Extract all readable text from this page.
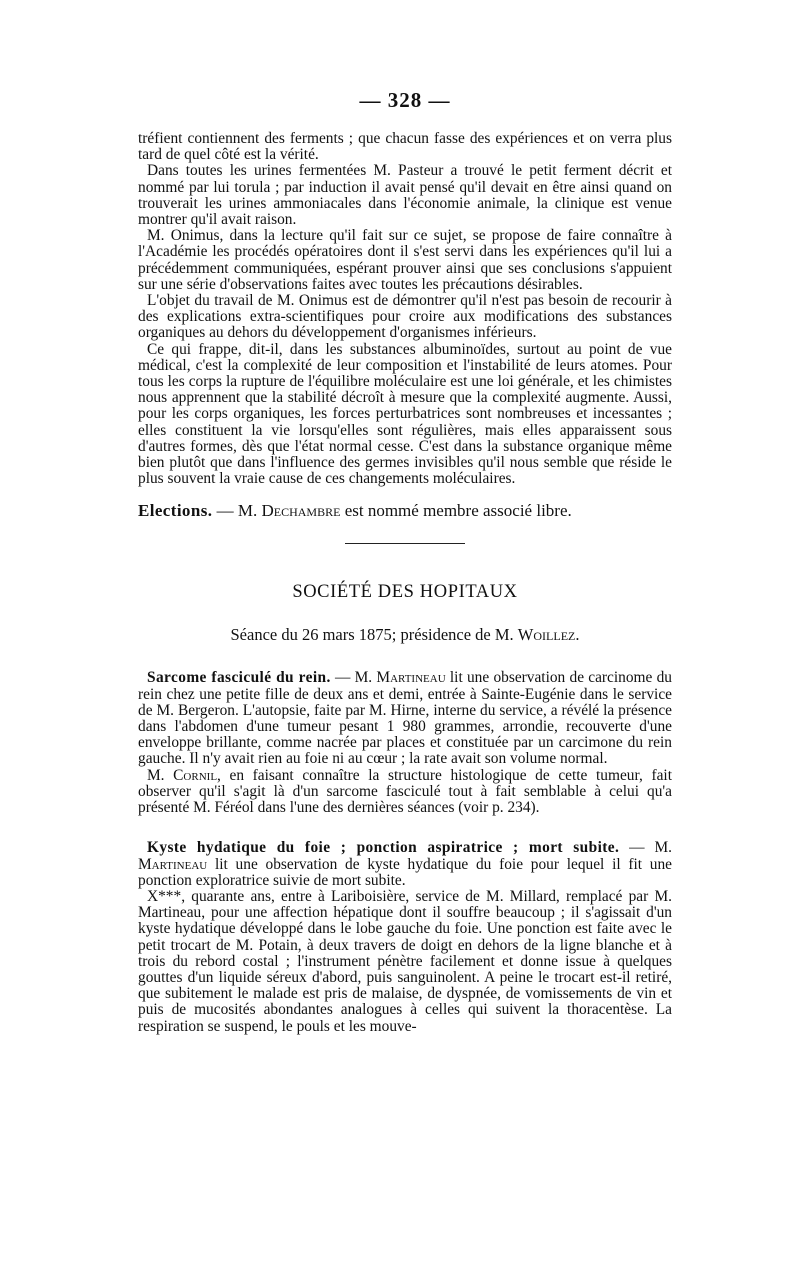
— 328 —

tréfient contiennent des ferments ; que chacun fasse des expériences et on verra plus tard de quel côté est la vérité.

Dans toutes les urines fermentées M. Pasteur a trouvé le petit ferment décrit et nommé par lui torula ; par induction il avait pensé qu'il devait en être ainsi quand on trouverait les urines ammoniacales dans l'économie animale, la clinique est venue montrer qu'il avait raison.

M. Onimus, dans la lecture qu'il fait sur ce sujet, se propose de faire connaître à l'Académie les procédés opératoires dont il s'est servi dans les expériences qu'il lui a précédemment communiquées, espérant prouver ainsi que ses conclusions s'appuient sur une série d'observations faites avec toutes les précautions désirables.

L'objet du travail de M. Onimus est de démontrer qu'il n'est pas besoin de recourir à des explications extra-scientifiques pour croire aux modifications des substances organiques au dehors du développement d'organismes inférieurs.

Ce qui frappe, dit-il, dans les substances albuminoïdes, surtout au point de vue médical, c'est la complexité de leur composition et l'instabilité de leurs atomes. Pour tous les corps la rupture de l'équilibre moléculaire est une loi générale, et les chimistes nous apprennent que la stabilité décroît à mesure que la complexité augmente. Aussi, pour les corps organiques, les forces perturbatrices sont nombreuses et incessantes ; elles constituent la vie lorsqu'elles sont régulières, mais elles apparaissent sous d'autres formes, dès que l'état normal cesse. C'est dans la substance organique même bien plutôt que dans l'influence des germes invisibles qu'il nous semble que réside le plus souvent la vraie cause de ces changements moléculaires.

Elections. — M. Dechambre est nommé membre associé libre.

SOCIÉTÉ DES HOPITAUX
Séance du 26 mars 1875; présidence de M. Woillez.

Sarcome fasciculé du rein. — M. Martineau lit une observation de carcinome du rein chez une petite fille de deux ans et demi, entrée à Sainte-Eugénie dans le service de M. Bergeron. L'autopsie, faite par M. Hirne, interne du service, a révélé la présence dans l'abdomen d'une tumeur pesant 1 980 grammes, arrondie, recouverte d'une enveloppe brillante, comme nacrée par places et constituée par un carcimone du rein gauche. Il n'y avait rien au foie ni au cœur ; la rate avait son volume normal.

M. Cornil, en faisant connaître la structure histologique de cette tumeur, fait observer qu'il s'agit là d'un sarcome fasciculé tout à fait semblable à celui qu'a présenté M. Féréol dans l'une des dernières séances (voir p. 234).

Kyste hydatique du foie ; ponction aspiratrice ; mort subite. — M. Martineau lit une observation de kyste hydatique du foie pour lequel il fit une ponction exploratrice suivie de mort subite.

X***, quarante ans, entre à Lariboisière, service de M. Millard, remplacé par M. Martineau, pour une affection hépatique dont il souffre beaucoup ; il s'agissait d'un kyste hydatique développé dans le lobe gauche du foie. Une ponction est faite avec le petit trocart de M. Potain, à deux travers de doigt en dehors de la ligne blanche et à trois du rebord costal ; l'instrument pénètre facilement et donne issue à quelques gouttes d'un liquide séreux d'abord, puis sanguinolent. A peine le trocart est-il retiré, que subitement le malade est pris de malaise, de dyspnée, de vomissements de vin et puis de mucosités abondantes analogues à celles qui suivent la thoracentèse. La respiration se suspend, le pouls et les mouve-
